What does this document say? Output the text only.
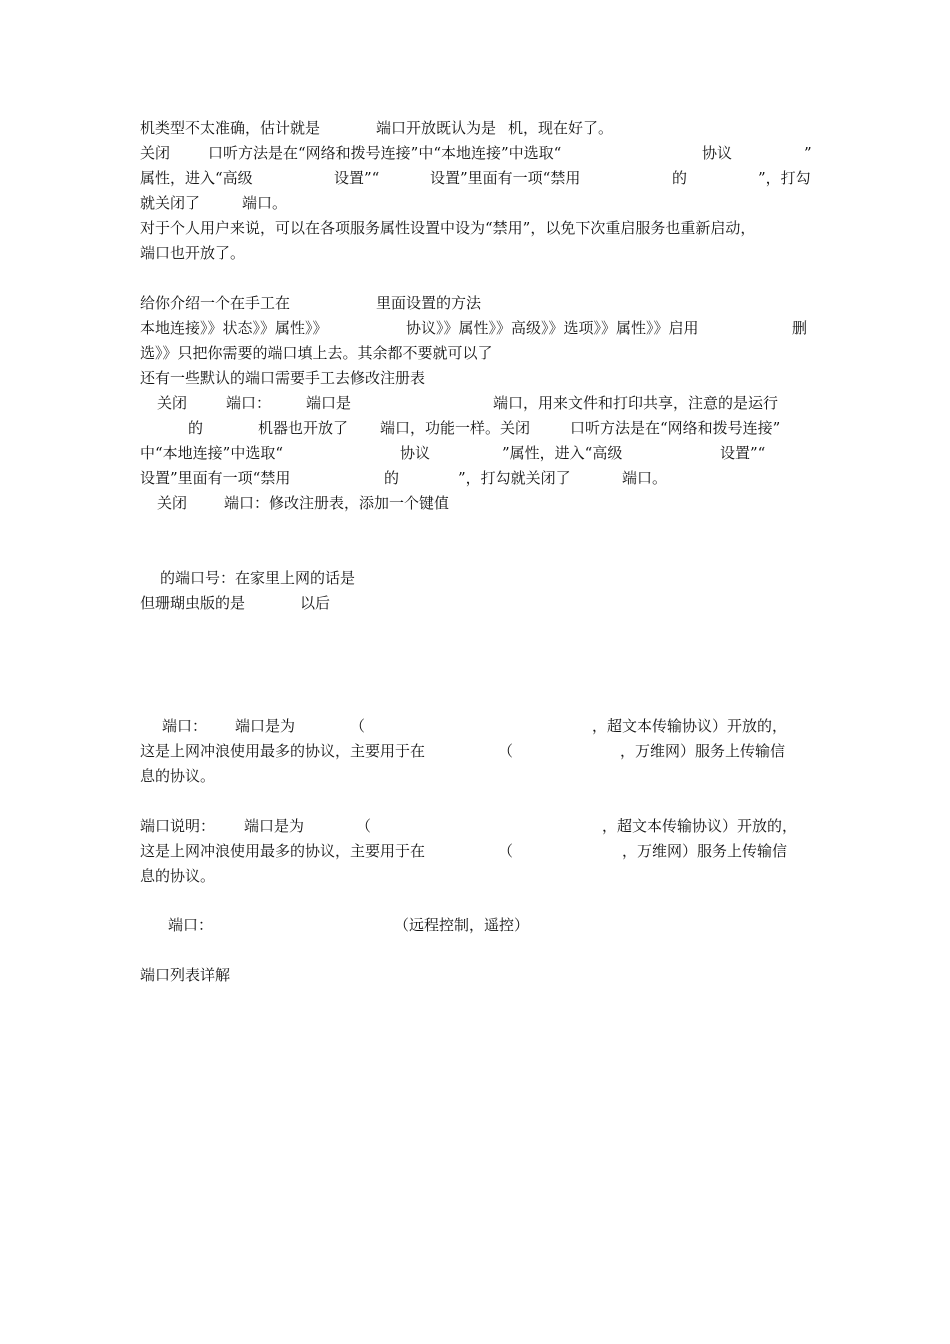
机类型不太准确，估计就是	端口开放既认为是 机，现在好了。
关闭	口听方法是在“网络和拨号连接”中“本地连接”中选取“	协议	”
属性，进入“高级	设置”“	设置”里面有一项“禁用	的	”，打勾
就关闭了	端口。
对于个人用户来说，可以在各项服务属性设置中设为“禁用”，以免下次重启服务也重新启动，
端口也开放了。
给你介绍一个在手工在	里面设置的方法
本地连接》》状态》》属性》》	协议》》属性》》高级》》选项》》属性》》启用	删
选》》只把你需要的端口填上去。其余都不要就可以了
还有一些默认的端口需要手工去修改注册表
关闭	端口： 端口是	端口，用来文件和打印共享，注意的是运行
的	机器也开放了 端口，功能一样。关闭	口听方法是在“网络和拨号连接”
中“本地连接”中选取“	协议	”属性，进入“高级	设置”“
设置”里面有一项“禁用	的	”，打勾就关闭了	端口。
关闭 端口：修改注册表，添加一个键值
的端口号：在家里上网的话是
但珊瑚虫版的是	以后
端口： 端口是为	（	，超文本传输协议）开放的，
这是上网冲浪使用最多的协议，主要用于在	（	，万维网）服务上传输信
息的协议。
端口说明： 端口是为	（	，超文本传输协议）开放的，
这是上网冲浪使用最多的协议，主要用于在	（	，万维网）服务上传输信
息的协议。
端口：	（远程控制，遥控）
端口列表详解
